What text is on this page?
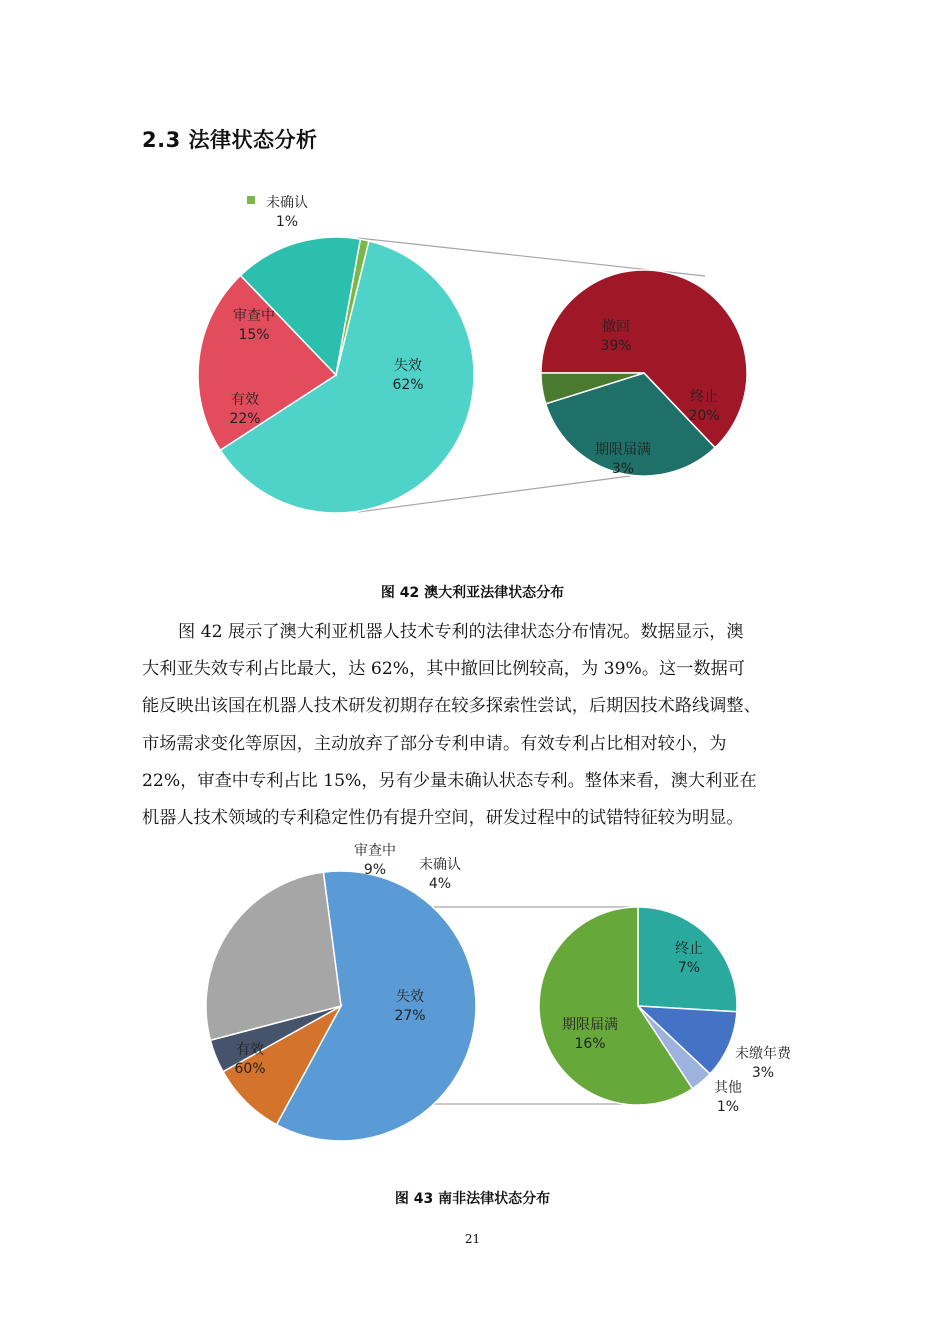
2.3 法律状态分析
失效
62%
有效
22%
审查中
15%
未确认
1%
撤回
39%
终止
20%
期限届满
3%

图 42 澳大利亚法律状态分布

图 42 展示了澳大利亚机器人技术专利的法律状态分布情况。数据显示，澳
大利亚失效专利占比最大，达 62%，其中撤回比例较高，为 39%。这一数据可
能反映出该国在机器人技术研发初期存在较多探索性尝试，后期因技术路线调整、
市场需求变化等原因，主动放弃了部分专利申请。有效专利占比相对较小，为
22%，审查中专利占比 15%，另有少量未确认状态专利。整体来看，澳大利亚在
机器人技术领域的专利稳定性仍有提升空间，研发过程中的试错特征较为明显。
有效
60%
审查中
9% 未确认
4%
失效
27%
终止
7%
未缴年费
3%
其他
1%
期限届满
16%

图 43 南非法律状态分布

21
